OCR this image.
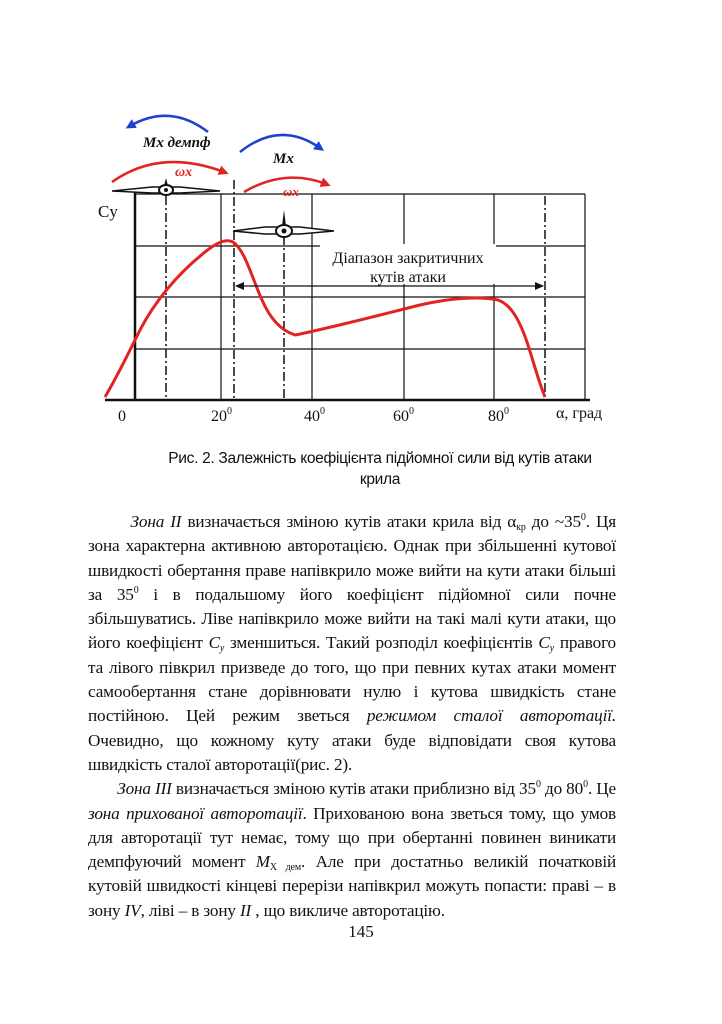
Діапазон закритичних
кутів атаки
Mx демпф
ωx
Mx
ωx
Cy
0	$20^0$	$40^0$	$60^0$	$80^0$	α, град
Рис. 2. Залежність коефіцієнта підйомної сили від кутів атаки
крила

Зона II визначається зміною кутів атаки крила від $\alpha_{кр}$ до $\sim 35^0$. Ця зона характерна активною авторотацією. Однак при збільшенні кутової швидкості обертання праве напівкрило може вийти на кути атаки більші за $35^0$ і в подальшому його коефіцієнт підйомної сили почне збільшуватись. Ліве напівкрило може вийти на такі малі кути атаки, що його коефіцієнт $C_y$ зменшиться. Такий розподіл коефіцієнтів $C_y$ правого та лівого півкрил призведе до того, що при певних кутах атаки момент самообертання стане дорівнювати нулю і кутова швидкість стане постійною. Цей режим зветься режимом сталої авторотації. Очевидно, що кожному куту атаки буде відповідати своя кутова швидкість сталої авторотації(рис. 2).

Зона III визначається зміною кутів атаки приблизно від $35^0$ до $80^0$. Це зона прихованої авторотації. Прихованою вона зветься тому, що умов для авторотації тут немає, тому що при обертанні повинен виникати демпфуючий момент $M_{X дем}$. Але при достатньо великій початковій кутовій швидкості кінцеві перерізи напівкрил можуть попасти: праві – в зону IV, ліві – в зону II , що викличе авторотацію.

145
